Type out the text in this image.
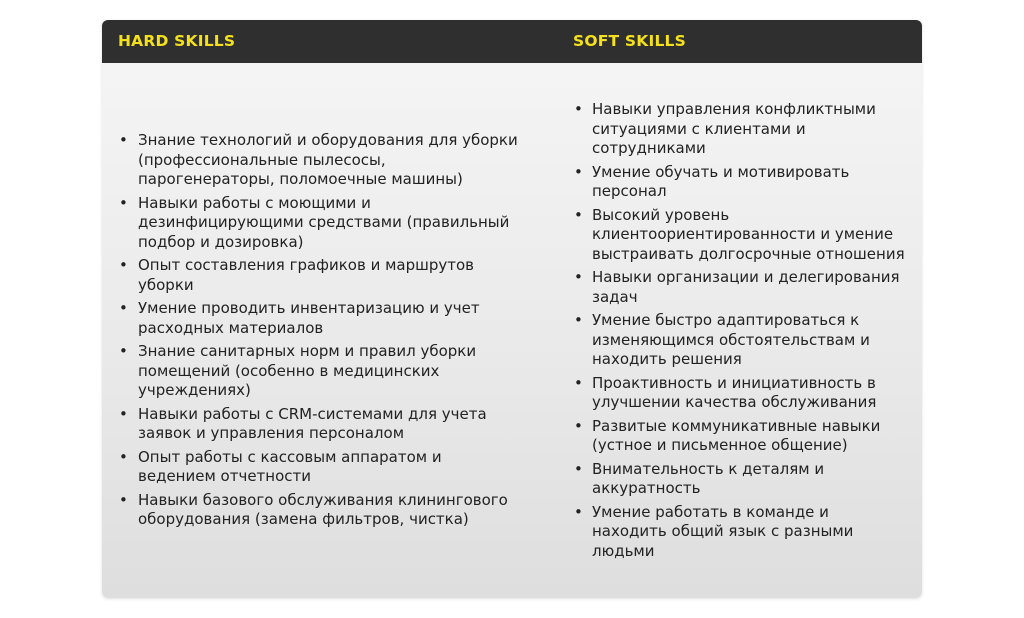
HARD SKILLS	SOFT SKILLS
• Знание технологий и оборудования для уборки (профессиональные пылесосы, парогенераторы, поломоечные машины)
• Навыки работы с моющими и дезинфицирующими средствами (правильный подбор и дозировка)
• Опыт составления графиков и маршрутов уборки
• Умение проводить инвентаризацию и учет расходных материалов
• Знание санитарных норм и правил уборки помещений (особенно в медицинских учреждениях)
• Навыки работы с CRM-системами для учета заявок и управления персоналом
• Опыт работы с кассовым аппаратом и ведением отчетности
• Навыки базового обслуживания клинингового оборудования (замена фильтров, чистка)
• Навыки управления конфликтными ситуациями с клиентами и сотрудниками
• Умение обучать и мотивировать персонал
• Высокий уровень клиентоориентированности и умение выстраивать долгосрочные отношения
• Навыки организации и делегирования задач
• Умение быстро адаптироваться к изменяющимся обстоятельствам и находить решения
• Проактивность и инициативность в улучшении качества обслуживания
• Развитые коммуникативные навыки (устное и письменное общение)
• Внимательность к деталям и аккуратность
• Умение работать в команде и находить общий язык с разными людьми
